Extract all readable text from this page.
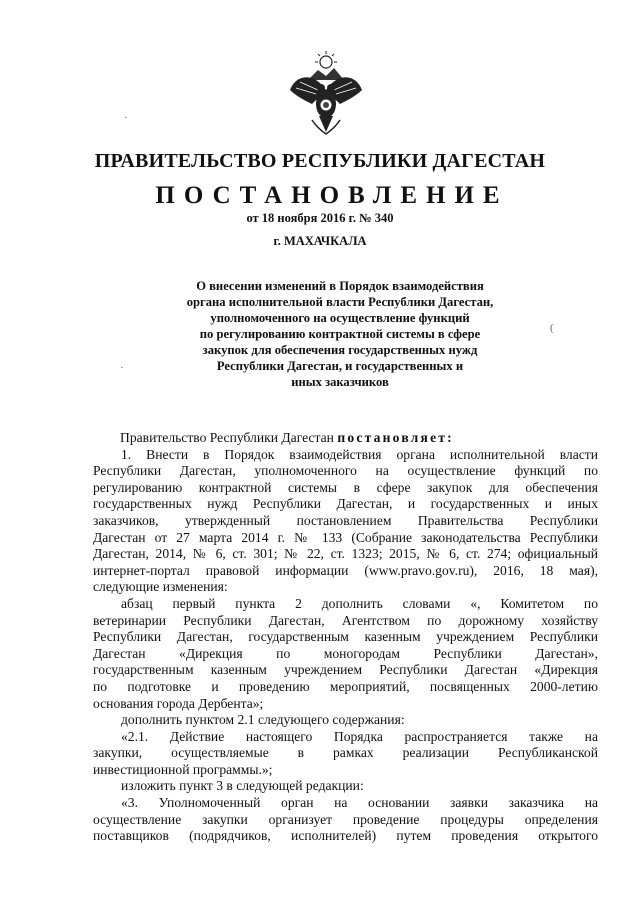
ПРАВИТЕЛЬСТВО РЕСПУБЛИКИ ДАГЕСТАН
ПОСТАНОВЛЕНИЕ
от 18 ноября 2016 г. № 340
г. МАХАЧКАЛА
О внесении изменений в Порядок взаимодействия
органа исполнительной власти Республики Дагестан,
уполномоченного на осуществление функций
по регулированию контрактной системы в сфере
закупок для обеспечения государственных нужд
Республики Дагестан, и государственных и
иных заказчиков
Правительство Республики Дагестан постановляет:
1. Внести в Порядок взаимодействия органа исполнительной власти
Республики Дагестан, уполномоченного на осуществление функций по
регулированию контрактной системы в сфере закупок для обеспечения
государственных нужд Республики Дагестан, и государственных и иных
заказчиков, утвержденный постановлением Правительства Республики
Дагестан от 27 марта 2014 г. № 133 (Собрание законодательства Республики
Дагестан, 2014, № 6, ст. 301; № 22, ст. 1323; 2015, № 6, ст. 274; официальный
интернет-портал правовой информации (www.pravo.gov.ru), 2016, 18 мая),
следующие изменения:
абзац первый пункта 2 дополнить словами «, Комитетом по
ветеринарии Республики Дагестан, Агентством по дорожному хозяйству
Республики Дагестан, государственным казенным учреждением Республики
Дагестан «Дирекция по моногородам Республики Дагестан»,
государственным казенным учреждением Республики Дагестан «Дирекция
по подготовке и проведению мероприятий, посвященных 2000-летию
основания города Дербента»;
дополнить пунктом 2.1 следующего содержания:
«2.1. Действие настоящего Порядка распространяется также на
закупки, осуществляемые в рамках реализации Республиканской
инвестиционной программы.»;
изложить пункт 3 в следующей редакции:
«3. Уполномоченный орган на основании заявки заказчика на
осуществление закупки организует проведение процедуры определения
поставщиков (подрядчиков, исполнителей) путем проведения открытого
·
·
(
